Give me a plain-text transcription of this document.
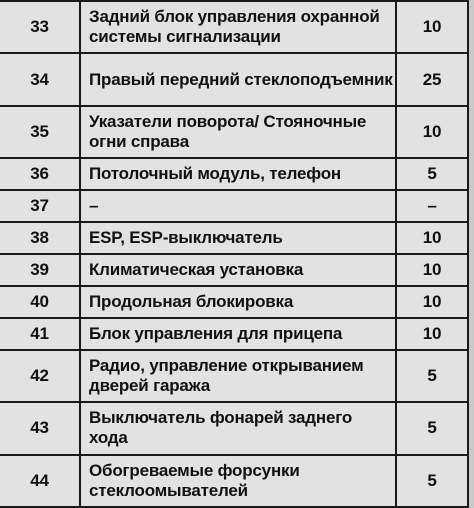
33	Задний блок управления охранной системы сигнализации	10
34	Правый передний стеклоподъемник	25
35	Указатели поворота/ Стояночные огни справа	10
36	Потолочный модуль, телефон	5
37	–	–
38	ESP, ESP-выключатель	10
39	Климатическая установка	10
40	Продольная блокировка	10
41	Блок управления для прицепа	10
42	Радио, управление открыванием дверей гаража	5
43	Выключатель фонарей заднего хода	5
44	Обогреваемые форсунки стеклоомывателей	5
